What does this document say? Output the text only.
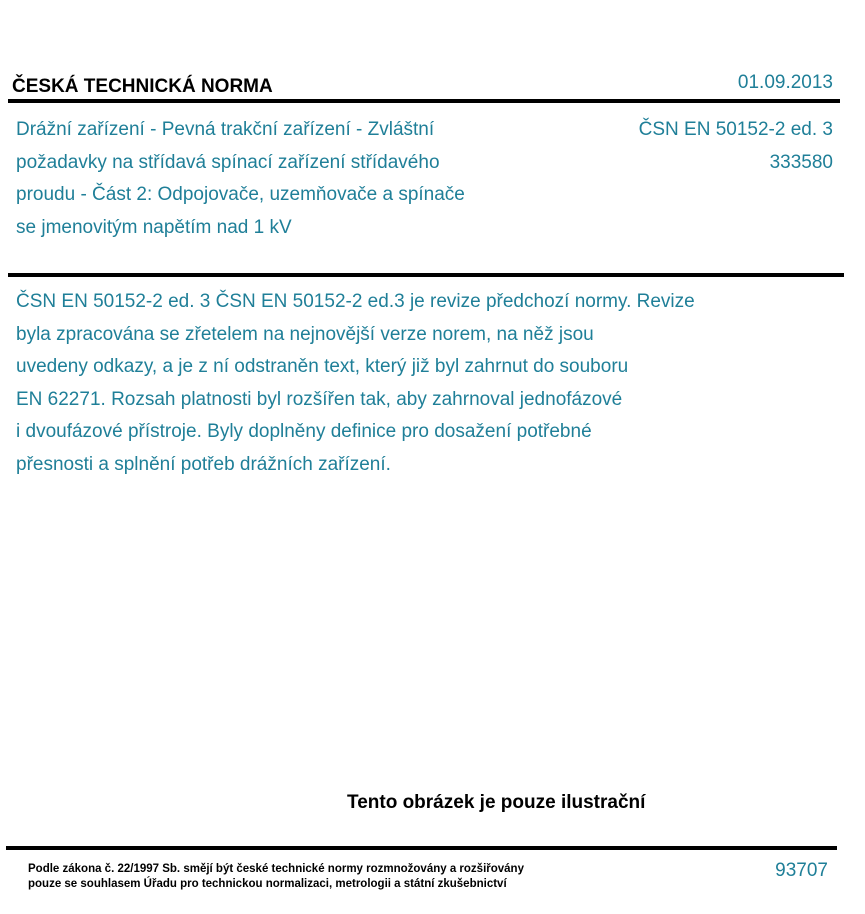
ČESKÁ TECHNICKÁ NORMA	01.09.2013
Drážní zařízení - Pevná trakční zařízení - Zvláštní
požadavky na střídavá spínací zařízení střídavého
proudu - Část 2: Odpojovače, uzemňovače a spínače
se jmenovitým napětím nad 1 kV
ČSN EN 50152-2 ed. 3
333580
ČSN EN 50152-2 ed. 3 ČSN EN 50152-2 ed.3 je revize předchozí normy. Revize
byla zpracována se zřetelem na nejnovější verze norem, na něž jsou
uvedeny odkazy, a je z ní odstraněn text, který již byl zahrnut do souboru
EN 62271. Rozsah platnosti byl rozšířen tak, aby zahrnoval jednofázové
i dvoufázové přístroje. Byly doplněny definice pro dosažení potřebné
přesnosti a splnění potřeb drážních zařízení.
Tento obrázek je pouze ilustrační
Podle zákona č. 22/1997 Sb. smějí být české technické normy rozmnožovány a rozšiřovány
pouze se souhlasem Úřadu pro technickou normalizaci, metrologii a státní zkušebnictví
93707
